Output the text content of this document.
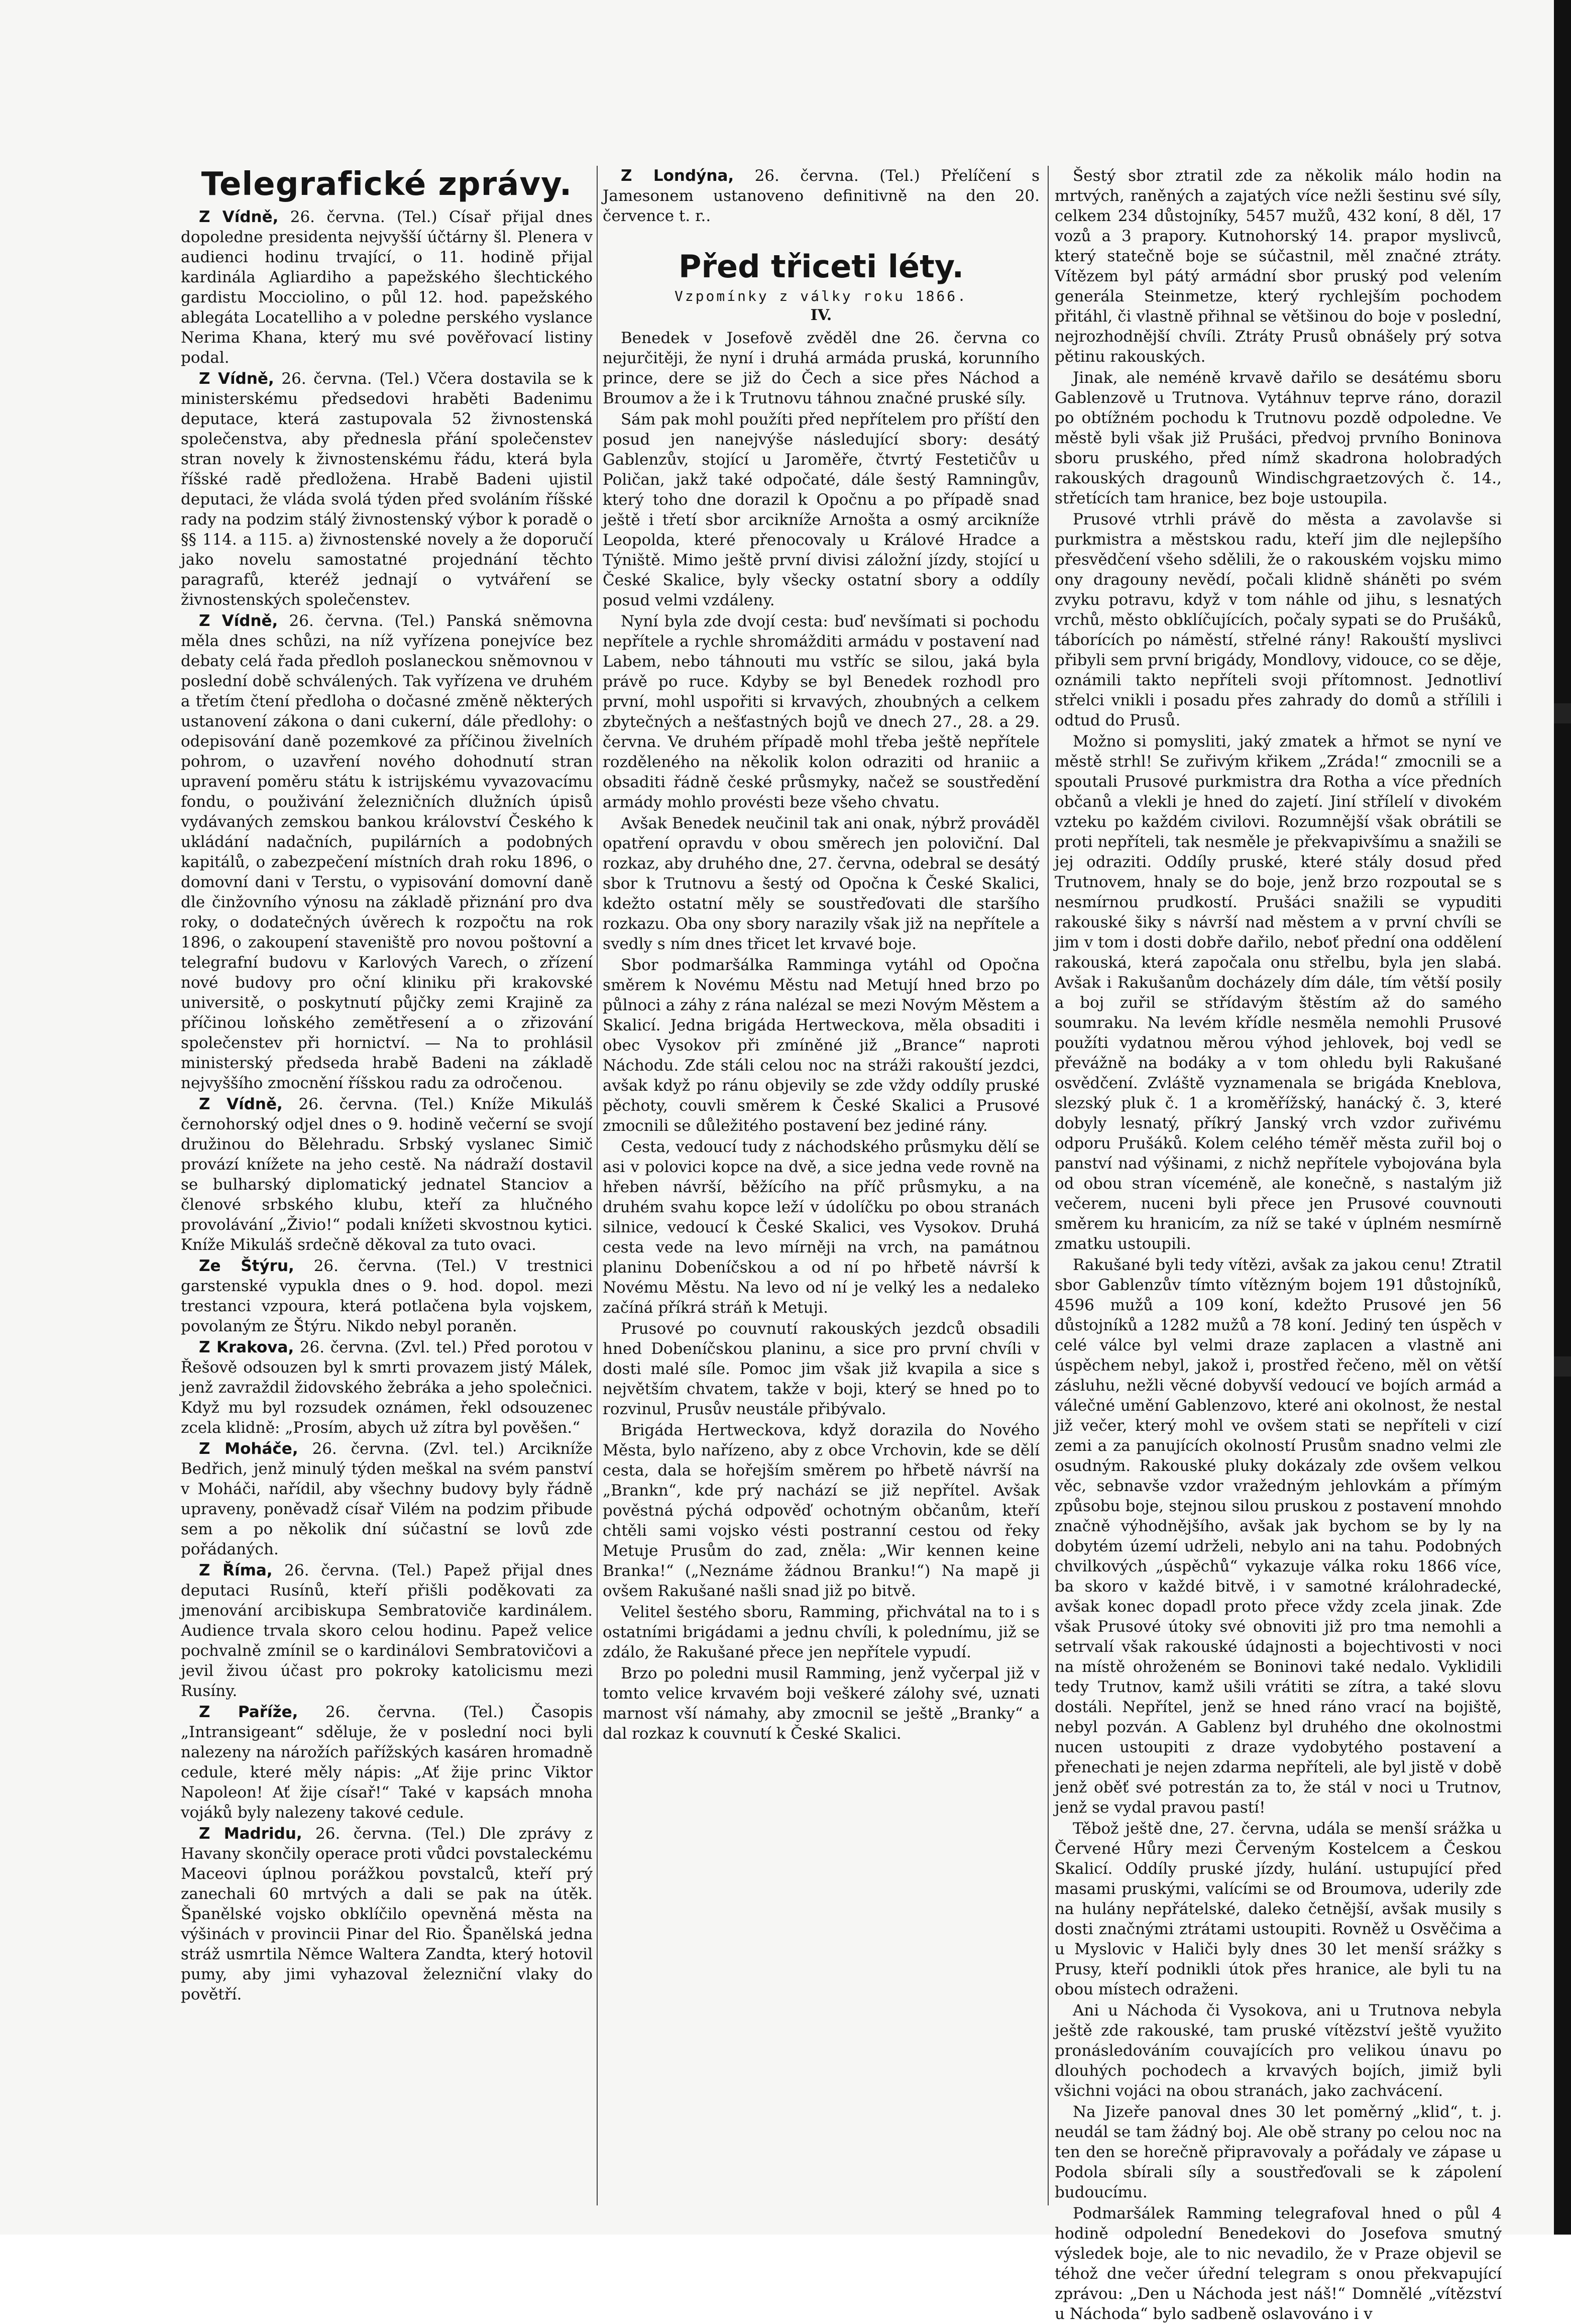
Telegrafické zprávy.

Z Vídně, 26. června. (Tel.) Císař přijal dnes dopoledne presidenta nejvyšší účtárny šl. Plenera v audienci hodinu trvající, o 11. hodině přijal kardinála Agliardiho a papežského šlechtického gardistu Mocciolino, o půl 12. hod. papežského ablegáta Locatelliho a v poledne perského vyslance Nerima Khana, který mu své pověřovací listiny podal.

Z Vídně, 26. června. (Tel.) Včera dostavila se k ministerskému předsedovi hraběti Badenimu deputace, která zastupovala 52 živnostenská společenstva, aby přednesla přání společenstev stran novely k živnostenskému řádu, která byla říšské radě předložena. Hrabě Badeni ujistil deputaci, že vláda svolá týden před svoláním říšské rady na podzim stálý živnostenský výbor k poradě o §§ 114. a 115. a) živnostenské novely a že doporučí jako novelu samostatné projednání těchto paragrafů, kteréž jednají o vytváření se živnostenských společenstev.

Z Vídně, 26. června. (Tel.) Panská sněmovna měla dnes schůzi, na níž vyřízena ponejvíce bez debaty celá řada předloh poslaneckou sněmovnou v poslední době schválených. Tak vyřízena ve druhém a třetím čtení předloha o dočasné změně některých ustanovení zákona o dani cukerní, dále předlohy: o odepisování daně pozemkové za příčinou živelních pohrom, o uzavření nového dohodnutí stran upravení poměru státu k istrijskému vyvazovacímu fondu, o použivání železničních dlužních úpisů vydávaných zemskou bankou království Českého k ukládání nadačních, pupilárních a podobných kapitálů, o zabezpečení místních drah roku 1896, o domovní dani v Terstu, o vypisování domovní daně dle činžovního výnosu na základě přiznání pro dva roky, o dodatečných úvěrech k rozpočtu na rok 1896, o zakoupení staveniště pro novou poštovní a telegrafní budovu v Karlových Varech, o zřízení nové budovy pro oční kliniku při krakovské universitě, o poskytnutí půjčky zemi Krajině za příčinou loňského zemětřesení a o zřizování společenstev při hornictví. — Na to prohlásil ministerský předseda hrabě Badeni na základě nejvyššího zmocnění říšskou radu za odročenou.

Z Vídně, 26. června. (Tel.) Kníže Mikuláš černohorský odjel dnes o 9. hodině večerní se svojí družinou do Bělehradu. Srbský vyslanec Simič provází knížete na jeho cestě. Na nádraží dostavil se bulharský diplomatický jednatel Stanciov a členové srbského klubu, kteří za hlučného provolávání „Živio!“ podali knížeti skvostnou kytici. Kníže Mikuláš srdečně děkoval za tuto ovaci.

Ze Štýru, 26. června. (Tel.) V trestnici garstenské vypukla dnes o 9. hod. dopol. mezi trestanci vzpoura, která potlačena byla vojskem, povolaným ze Štýru. Nikdo nebyl poraněn.

Z Krakova, 26. června. (Zvl. tel.) Před porotou v Řešově odsouzen byl k smrti provazem jistý Málek, jenž zavraždil židovského žebráka a jeho společnici. Když mu byl rozsudek oznámen, řekl odsouzenec zcela klidně: „Prosím, abych už zítra byl pověšen.“

Z Moháče, 26. června. (Zvl. tel.) Arcikníže Bedřich, jenž minulý týden meškal na svém panství v Moháči, nařídil, aby všechny budovy byly řádně upraveny, poněvadž císař Vilém na podzim přibude sem a po několik dní súčastní se lovů zde pořádaných.

Z Říma, 26. června. (Tel.) Papež přijal dnes deputaci Rusínů, kteří přišli poděkovati za jmenování arcibiskupa Sembratoviče kardinálem. Audience trvala skoro celou hodinu. Papež velice pochvalně zmínil se o kardinálovi Sembratovičovi a jevil živou účast pro pokroky katolicismu mezi Rusíny.

Z Paříže, 26. června. (Tel.) Časopis „Intransigeant“ sděluje, že v poslední noci byli nalezeny na nárožích pařížských kasáren hromadně cedule, které měly nápis: „Ať žije princ Viktor Napoleon! Ať žije císař!“ Také v kapsách mnoha vojáků byly nalezeny takové cedule.

Z Madridu, 26. června. (Tel.) Dle zprávy z Havany skončily operace proti vůdci povstaleckému Maceovi úplnou porážkou povstalců, kteří prý zanechali 60 mrtvých a dali se pak na útěk. Španělské vojsko obklíčilo opevněná města na výšinách v provincii Pinar del Rio. Španělská jedna stráž usmrtila Němce Waltera Zandta, který hotovil pumy, aby jimi vyhazoval železniční vlaky do povětří.

Z Londýna, 26. června. (Tel.) Přelíčení s Jamesonem ustanoveno definitivně na den 20. července t. r..

Před třiceti léty.
Vzpomínky z války roku 1866.
IV.

Benedek v Josefově zvěděl dne 26. června co nejurčitěji, že nyní i druhá armáda pruská, korunního prince, dere se již do Čech a sice přes Náchod a Broumov a že i k Trutnovu táhnou značné pruské síly.

Sám pak mohl použíti před nepřítelem pro příští den posud jen nanejvýše následující sbory: desátý Gablenzův, stojící u Jaroměře, čtvrtý Festetičův u Poličan, jakž také odpočaté, dále šestý Ramningův, který toho dne dorazil k Opočnu a po případě snad ještě i třetí sbor arcikníže Arnošta a osmý arcikníže Leopolda, které přenocovaly u Králové Hradce a Týniště. Mimo ještě první divisi záložní jízdy, stojící u České Skalice, byly všecky ostatní sbory a oddíly posud velmi vzdáleny.

Nyní byla zde dvojí cesta: buď nevšímati si pochodu nepřítele a rychle shromážditi armádu v postavení nad Labem, nebo táhnouti mu vstříc se silou, jaká byla právě po ruce. Kdyby se byl Benedek rozhodl pro první, mohl uspořiti si krvavých, zhoubných a celkem zbytečných a nešťastných bojů ve dnech 27., 28. a 29. června. Ve druhém případě mohl třeba ještě nepřítele rozděleného na několik kolon odraziti od hraniic a obsaditi řádně české průsmyky, načež se soustředění armády mohlo provésti beze všeho chvatu.

Avšak Benedek neučinil tak ani onak, nýbrž prováděl opatření opravdu v obou směrech jen poloviční. Dal rozkaz, aby druhého dne, 27. června, odebral se desátý sbor k Trutnovu a šestý od Opočna k České Skalici, kdežto ostatní měly se soustřeďovati dle staršího rozkazu. Oba ony sbory narazily však již na nepřítele a svedly s ním dnes třicet let krvavé boje.

Sbor podmaršálka Ramminga vytáhl od Opočna směrem k Novému Městu nad Metují hned brzo po půlnoci a záhy z rána nalézal se mezi Novým Městem a Skalicí. Jedna brigáda Hertweckova, měla obsaditi i obec Vysokov při zmíněné již „Brance“ naproti Náchodu. Zde stáli celou noc na stráži rakouští jezdci, avšak když po ránu objevily se zde vždy oddíly pruské pěchoty, couvli směrem k České Skalici a Prusové zmocnili se důležitého postavení bez jediné rány.

Cesta, vedoucí tudy z náchodského průsmyku dělí se asi v polovici kopce na dvě, a sice jedna vede rovně na hřeben návrší, běžícího na příč průsmyku, a na druhém svahu kopce leží v údolíčku po obou stranách silnice, vedoucí k České Skalici, ves Vysokov. Druhá cesta vede na levo mírněji na vrch, na památnou planinu Dobeníčskou a od ní po hřbetě návrší k Novému Městu. Na levo od ní je velký les a nedaleko začíná příkrá stráň k Metuji.

Prusové po couvnutí rakouských jezdců obsadili hned Dobeníčskou planinu, a sice pro první chvíli v dosti malé síle. Pomoc jim však již kvapila a sice s největším chvatem, takže v boji, který se hned po to rozvinul, Prusův neustále přibývalo.

Brigáda Hertweckova, když dorazila do Nového Města, bylo nařízeno, aby z obce Vrchovin, kde se dělí cesta, dala se hořejším směrem po hřbetě návrší na „Brankn“, kde prý nachází se již nepřítel. Avšak pověstná pýchá odpověď ochotným občanům, kteří chtěli sami vojsko vésti postranní cestou od řeky Metuje Prusům do zad, zněla: „Wir kennen keine Branka!“ („Neznáme žádnou Branku!“) Na mapě ji ovšem Rakušané našli snad již po bitvě.

Velitel šestého sboru, Ramming, přichvátal na to i s ostatními brigádami a jednu chvíli, k polednímu, již se zdálo, že Rakušané přece jen nepřítele vypudí.

Brzo po poledni musil Ramming, jenž vyčerpal již v tomto velice krvavém boji veškeré zálohy své, uznati marnost vší námahy, aby zmocnil se ještě „Branky“ a dal rozkaz k couvnutí k České Skalici.

Šestý sbor ztratil zde za několik málo hodin na mrtvých, raněných a zajatých více nežli šestinu své síly, celkem 234 důstojníky, 5457 mužů, 432 koní, 8 děl, 17 vozů a 3 prapory. Kutnohorský 14. prapor myslivců, který statečně boje se súčastnil, měl značné ztráty. Vítězem byl pátý armádní sbor pruský pod velením generála Steinmetze, který rychlejším pochodem přitáhl, či vlastně přihnal se většinou do boje v poslední, nejrozhodnější chvíli. Ztráty Prusů obnášely prý sotva pětinu rakouských.

Jinak, ale neméně krvavě dařilo se desátému sboru Gablenzově u Trutnova. Vytáhnuv teprve ráno, dorazil po obtížném pochodu k Trutnovu pozdě odpoledne. Ve městě byli však již Prušáci, předvoj prvního Boninova sboru pruského, před nímž skadrona holobradých rakouských dragounů Windischgraetzových č. 14., střetících tam hranice, bez boje ustoupila.

Prusové vtrhli právě do města a zavolavše si purkmistra a městskou radu, kteří jim dle nejlepšího přesvědčení všeho sdělili, že o rakouském vojsku mimo ony dragouny nevědí, počali klidně sháněti po svém zvyku potravu, když v tom náhle od jihu, s lesnatých vrchů, město obklíčujících, počaly sypati se do Prušáků, táborících po náměstí, střelné rány! Rakouští myslivci přibyli sem první brigády, Mondlovy, vidouce, co se děje, oznámili takto nepříteli svoji přítomnost. Jednotliví střelci vnikli i posadu přes zahrady do domů a střílili i odtud do Prusů.

Možno si pomysliti, jaký zmatek a hřmot se nyní ve městě strhl! Se zuřivým křikem „Zráda!“ zmocnili se a spoutali Prusové purkmistra dra Rotha a více předních občanů a vlekli je hned do zajetí. Jiní střílelí v divokém vzteku po každém civilovi. Rozumnější však obrátili se proti nepříteli, tak nesměle je překvapivšímu a snažili se jej odraziti. Oddíly pruské, které stály dosud před Trutnovem, hnaly se do boje, jenž brzo rozpoutal se s nesmírnou prudkostí. Prušáci snažili se vypuditi rakouské šiky s návrší nad městem a v první chvíli se jim v tom i dosti dobře dařilo, neboť přední ona oddělení rakouská, která započala onu střelbu, byla jen slabá. Avšak i Rakušanům docházely dím dále, tím větší posily a boj zuřil se střídavým štěstím až do samého soumraku. Na levém křídle nesměla nemohli Prusové použíti vydatnou měrou výhod jehlovek, boj vedl se převážně na bodáky a v tom ohledu byli Rakušané osvědčení. Zvláště vyznamenala se brigáda Kneblova, slezský pluk č. 1 a kroměřížský, hanácký č. 3, které dobyly lesnatý, příkrý Janský vrch vzdor zuřivému odporu Prušáků. Kolem celého téměř města zuřil boj o panství nad výšinami, z nichž nepřítele vybojována byla od obou stran víceméně, ale konečně, s nastalým již večerem, nuceni byli přece jen Prusové couvnouti směrem ku hranicím, za níž se také v úplném nesmírně zmatku ustoupili.

Rakušané byli tedy vítězi, avšak za jakou cenu! Ztratil sbor Gablenzův tímto vítězným bojem 191 důstojníků, 4596 mužů a 109 koní, kdežto Prusové jen 56 důstojníků a 1282 mužů a 78 koní. Jediný ten úspěch v celé válce byl velmi draze zaplacen a vlastně ani úspěchem nebyl, jakož i, prostřed řečeno, měl on větší zásluhu, nežli věcné dobyvší vedoucí ve bojích armád a válečné umění Gablenzovo, které ani okolnost, že nestal již večer, který mohl ve ovšem stati se nepříteli v cizí zemi a za panujících okolností Prusům snadno velmi zle osudným. Rakouské pluky dokázaly zde ovšem velkou věc, sebnavše vzdor vražedným jehlovkám a přímým způsobu boje, stejnou silou pruskou z postavení mnohdo značně výhodnějšího, avšak jak bychom se by ly na dobytém území udrželi, nebylo ani na tahu. Podobných chvilkových „úspěchů“ vykazuje válka roku 1866 více, ba skoro v každé bitvě, i v samotné králohradecké, avšak konec dopadl proto přece vždy zcela jinak. Zde však Prusové útoky své obnoviti již pro tma nemohli a setrvalí však rakouské údajnosti a bojechtivosti v noci na místě ohroženém se Boninovi také nedalo. Vyklidili tedy Trutnov, kamž ušili vrátiti se zítra, a také slovu dostáli. Nepřítel, jenž se hned ráno vrací na bojiště, nebyl pozván. A Gablenz byl druhého dne okolnostmi nucen ustoupiti z draze vydobytého postavení a přenechati je nejen zdarma nepříteli, ale byl jistě v době jenž oběť své potrestán za to, že stál v noci u Trutnov, jenž se vydal pravou pastí!

Těbož ještě dne, 27. června, udála se menší srážka u Červené Hůry mezi Červeným Kostelcem a Českou Skalicí. Oddíly pruské jízdy, hulání. ustupující před masami pruskými, valícími se od Broumova, uderily zde na hulány nepřátelské, daleko četnější, avšak musily s dosti značnými ztrátami ustoupiti. Rovněž u Osvěčima a u Myslovic v Haliči byly dnes 30 let menší srážky s Prusy, kteří podnikli útok přes hranice, ale byli tu na obou místech odraženi.

Ani u Náchoda či Vysokova, ani u Trutnova nebyla ještě zde rakouské, tam pruské vítězství ještě využito pronásledováním couvajících pro velikou únavu po dlouhých pochodech a krvavých bojích, jimiž byli všichni vojáci na obou stranách, jako zachvácení.

Na Jizeře panoval dnes 30 let poměrný „klid“, t. j. neudál se tam žádný boj. Ale obě strany po celou noc na ten den se horečně připravovaly a pořádaly ve zápase u Podola sbírali síly a soustřeďovali se k zápolení budoucímu.

Podmaršálek Ramming telegrafoval hned o půl 4 hodině odpolední Benedekovi do Josefova smutný výsledek boje, ale to nic nevadilo, že v Praze objevil se téhož dne večer úřední telegram s onou překvapující zprávou: „Den u Náchoda jest náš!“ Domnělé „vítězství u Náchoda“ bylo sadbeně oslavováno i v
